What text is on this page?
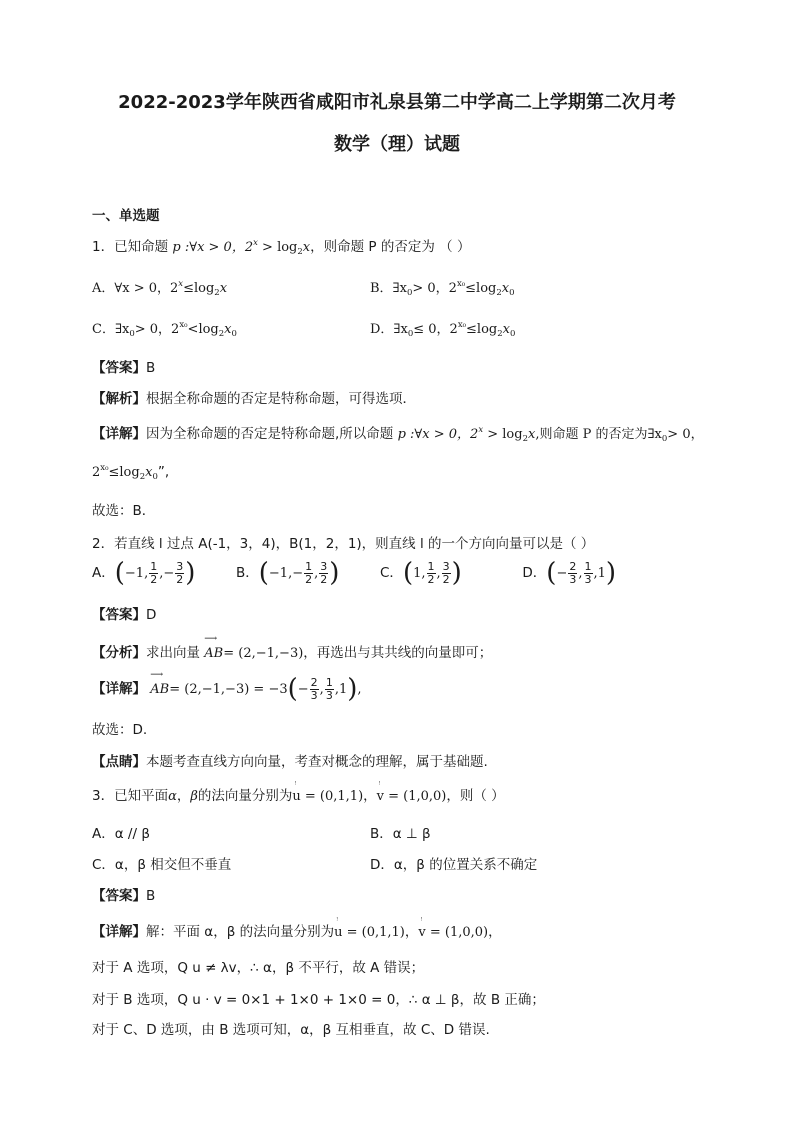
2022-2023学年陕西省咸阳市礼泉县第二中学高二上学期第二次月考
数学（理）试题
一、单选题
1．已知命题 p :∀x > 0，$2^x > \log_2x$，则命题 P 的否定为 （ ）
A．∀x > 0，$2^x\le\log_2x$	B．$\exists x_0> 0$，$2^{x_0}\le\log_2x_0$
C．$\exists x_0> 0$，$2^{x_0}<\log_2x_0$	D．$\exists x_0\le 0$，$2^{x_0}\le\log_2x_0$
【答案】B
【解析】根据全称命题的否定是特称命题，可得选项．
【详解】因为全称命题的否定是特称命题,所以命题 p :∀x > 0，$2^x > \log_2x$,则命题 P 的否定为$\exists x_0> 0$，
$2^{x_0}\le\log_2x_0$”,
故选：B．
2．若直线 l 过点 A(-1，3，4)，B(1，2，1)，则直线 l 的一个方向向量可以是（ ）
A．(−1, $\frac{1}{2}$ ,− $\frac{3}{2}$ )	B．($-1,- \frac{1}{2}$ , $\frac{3}{2}$ )	C．(1, $\frac{1}{2}$ , $\frac{3}{2}$ )	D．(− $\frac{2}{3}$ , $\frac{1}{3} ,1$)
【答案】D
【分析】求出向量 ⟶ AB= (2,−1,−3)，再选出与其共线的向量即可；
【详解】 ⟶ $AB= (2,-1,-3) = -3(- \frac{2}{3}$ , $\frac{1}{3} ,1$),
故选：D.
【点睛】本题考查直线方向向量，考查对概念的理解，属于基础题.
3．已知平面α，β的法向量分别为ꜝ u = (0,1,1)，ꜝ v = (1,0,0)，则（ ）
A．α // β	B．α ⊥ β
C．α，β 相交但不垂直	D．α，β 的位置关系不确定
【答案】B
【详解】解：平面 α，β 的法向量分别为ꜝ u = (0,1,1)，ꜝ v = (1,0,0)，
对于 A 选项，Q u ≠ λv，∴ α，β 不平行，故 A 错误；
对于 B 选项，Q u · v = 0×1 + 1×0 + 1×0 = 0，∴ α ⊥ β，故 B 正确；
对于 C、D 选项，由 B 选项可知，α，β 互相垂直，故 C、D 错误.
